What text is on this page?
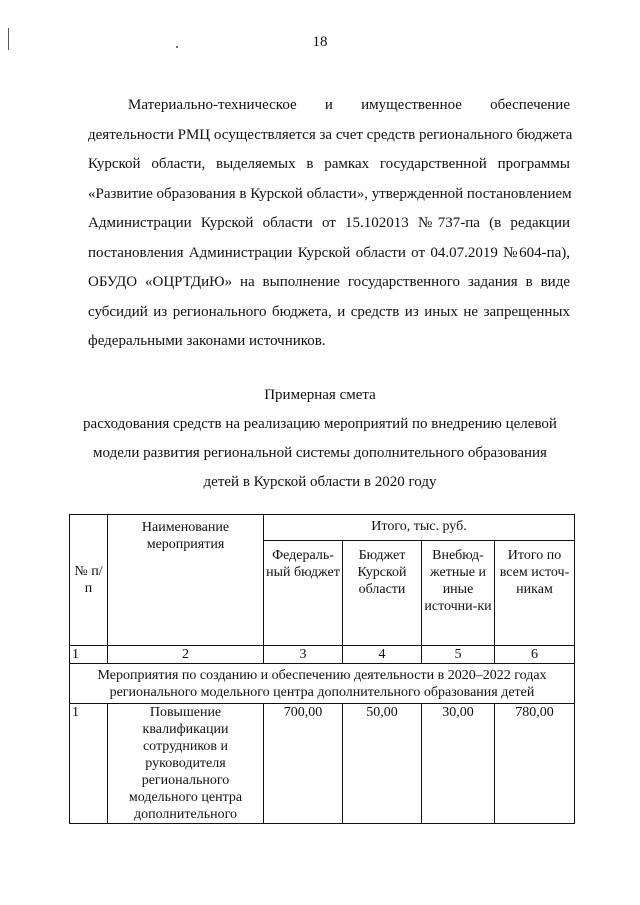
18
Материально-техническое и имущественное обеспечение
деятельности РМЦ осуществляется за счет средств регионального бюджета
Курской области, выделяемых в рамках государственной программы
«Развитие образования в Курской области», утвержденной постановлением
Администрации Курской области от 15.102013 №737-па (в редакции
постановления Администрации Курской области от 04.07.2019 №604-па),
ОБУДО «ОЦРТДиЮ» на выполнение государственного задания в виде
субсидий из регионального бюджета, и средств из иных не запрещенных
федеральными законами источников.
Примерная смета
расходования средств на реализацию мероприятий по внедрению целевой
модели развития региональной системы дополнительного образования
детей в Курской области в 2020 году
№ п/п	Наименование мероприятия	Итого, тыс. руб.			
		Федераль-ный бюджет	Бюджет Курской области	Внебюд-жетные и иные источни-ки	Итого по всем источ-никам
1	2	3	4	5	6
Мероприятия по созданию и обеспечению деятельности в 2020–2022 годах регионального модельного центра дополнительного образования детей					
1	Повышение квалификации сотрудников и руководителя регионального модельного центра дополнительного	700,00	50,00	30,00	780,00
